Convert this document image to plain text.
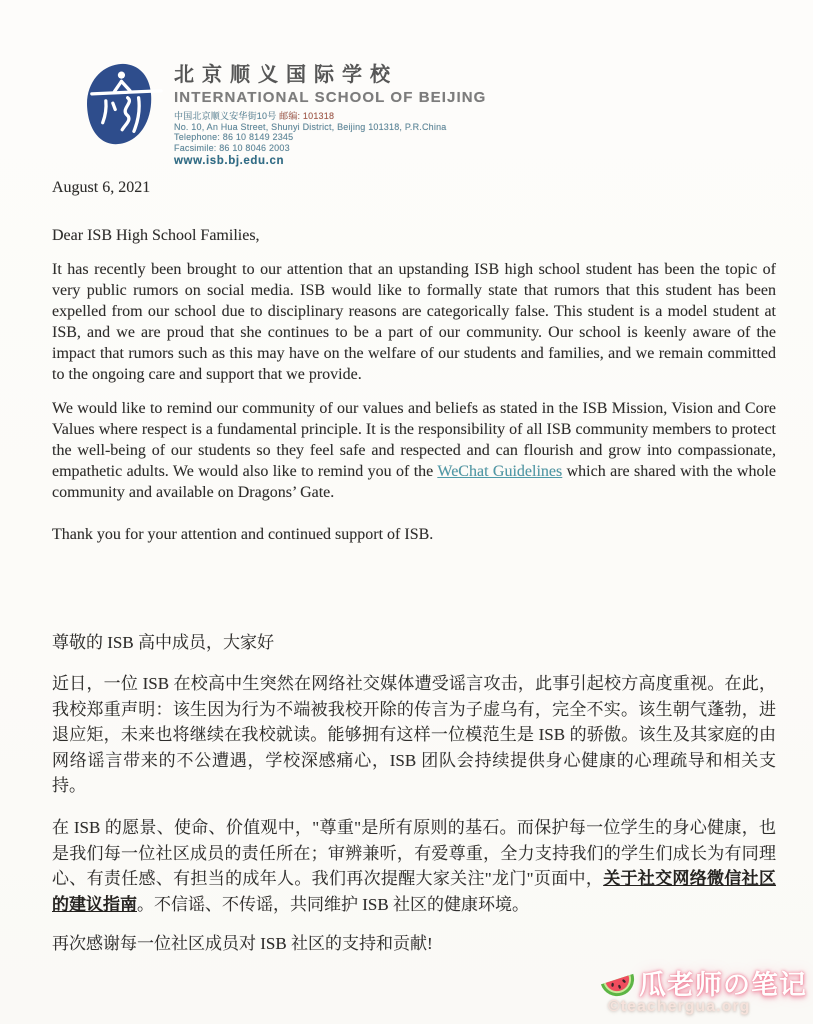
北京顺义国际学校
INTERNATIONAL SCHOOL OF BEIJING
中国北京顺义安华街10号 邮编: 101318
No. 10, An Hua Street, Shunyi District, Beijing 101318, P.R.China
Telephone: 86 10 8149 2345
Facsimile: 86 10 8046 2003
www.isb.bj.edu.cn
August 6, 2021
Dear ISB High School Families,

It has recently been brought to our attention that an upstanding ISB high school student has been the topic of very public rumors on social media. ISB would like to formally state that rumors that this student has been expelled from our school due to disciplinary reasons are categorically false. This student is a model student at ISB, and we are proud that she continues to be a part of our community. Our school is keenly aware of the impact that rumors such as this may have on the welfare of our students and families, and we remain committed to the ongoing care and support that we provide.

We would like to remind our community of our values and beliefs as stated in the ISB Mission, Vision and Core Values where respect is a fundamental principle. It is the responsibility of all ISB community members to protect the well-being of our students so they feel safe and respected and can flourish and grow into compassionate, empathetic adults. We would also like to remind you of the WeChat Guidelines which are shared with the whole community and available on Dragons’ Gate.

Thank you for your attention and continued support of ISB.
尊敬的 ISB 高中成员，大家好

近日，一位 ISB 在校高中生突然在网络社交媒体遭受谣言攻击，此事引起校方高度重视。在此，我校郑重声明：该生因为行为不端被我校开除的传言为子虚乌有，完全不实。该生朝气蓬勃，进退应矩，未来也将继续在我校就读。能够拥有这样一位模范生是 ISB 的骄傲。该生及其家庭的由网络谣言带来的不公遭遇，学校深感痛心，ISB 团队会持续提供身心健康的心理疏导和相关支持。

在 ISB 的愿景、使命、价值观中，"尊重"是所有原则的基石。而保护每一位学生的身心健康，也是我们每一位社区成员的责任所在；审辨兼听，有爱尊重，全力支持我们的学生们成长为有同理心、有责任感、有担当的成年人。我们再次提醒大家关注"龙门"页面中，关于社交网络微信社区的建议指南。不信谣、不传谣，共同维护 ISB 社区的健康环境。

再次感谢每一位社区成员对 ISB 社区的支持和贡献!
瓜老师の笔记
©teachergua.org
